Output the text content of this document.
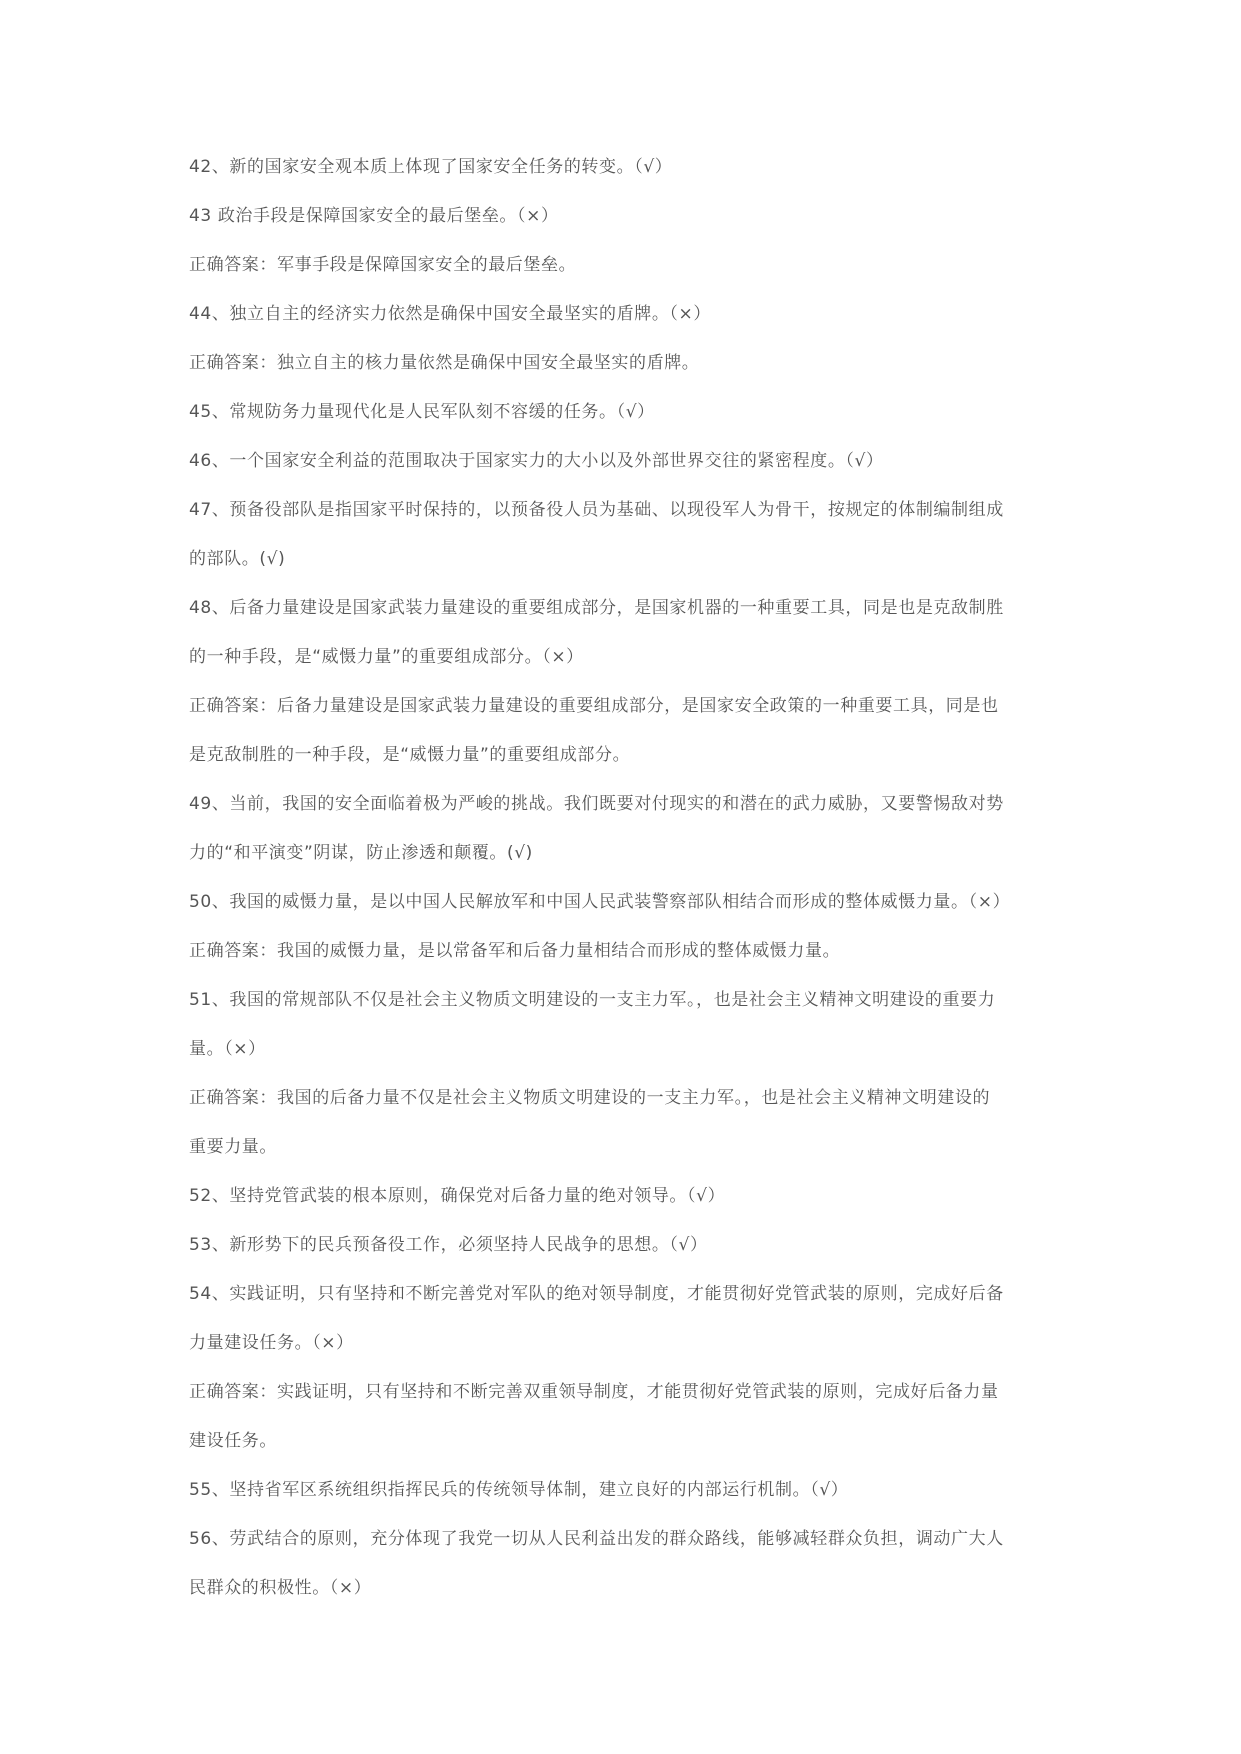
42、新的国家安全观本质上体现了国家安全任务的转变。（√）
43 政治手段是保障国家安全的最后堡垒。（×）
正确答案：军事手段是保障国家安全的最后堡垒。
44、独立自主的经济实力依然是确保中国安全最坚实的盾牌。（×）
正确答案：独立自主的核力量依然是确保中国安全最坚实的盾牌。
45、常规防务力量现代化是人民军队刻不容缓的任务。（√）
46、一个国家安全利益的范围取决于国家实力的大小以及外部世界交往的紧密程度。（√）
47、预备役部队是指国家平时保持的，以预备役人员为基础、以现役军人为骨干，按规定的体制编制组成
的部队。(√)
48、后备力量建设是国家武装力量建设的重要组成部分，是国家机器的一种重要工具，同是也是克敌制胜
的一种手段，是“威慑力量”的重要组成部分。（×）
正确答案：后备力量建设是国家武装力量建设的重要组成部分，是国家安全政策的一种重要工具，同是也
是克敌制胜的一种手段，是“威慑力量”的重要组成部分。
49、当前，我国的安全面临着极为严峻的挑战。我们既要对付现实的和潜在的武力威胁，又要警惕敌对势
力的“和平演变”阴谋，防止渗透和颠覆。(√)
50、我国的威慑力量，是以中国人民解放军和中国人民武装警察部队相结合而形成的整体威慑力量。（×）
正确答案：我国的威慑力量，是以常备军和后备力量相结合而形成的整体威慑力量。
51、我国的常规部队不仅是社会主义物质文明建设的一支主力军。，也是社会主义精神文明建设的重要力
量。（×）
正确答案：我国的后备力量不仅是社会主义物质文明建设的一支主力军。，也是社会主义精神文明建设的
重要力量。
52、坚持党管武装的根本原则，确保党对后备力量的绝对领导。（√）
53、新形势下的民兵预备役工作，必须坚持人民战争的思想。（√）
54、实践证明，只有坚持和不断完善党对军队的绝对领导制度，才能贯彻好党管武装的原则，完成好后备
力量建设任务。（×）
正确答案：实践证明，只有坚持和不断完善双重领导制度，才能贯彻好党管武装的原则，完成好后备力量
建设任务。
55、坚持省军区系统组织指挥民兵的传统领导体制，建立良好的内部运行机制。（√）
56、劳武结合的原则，充分体现了我党一切从人民利益出发的群众路线，能够减轻群众负担，调动广大人
民群众的积极性。（×）
